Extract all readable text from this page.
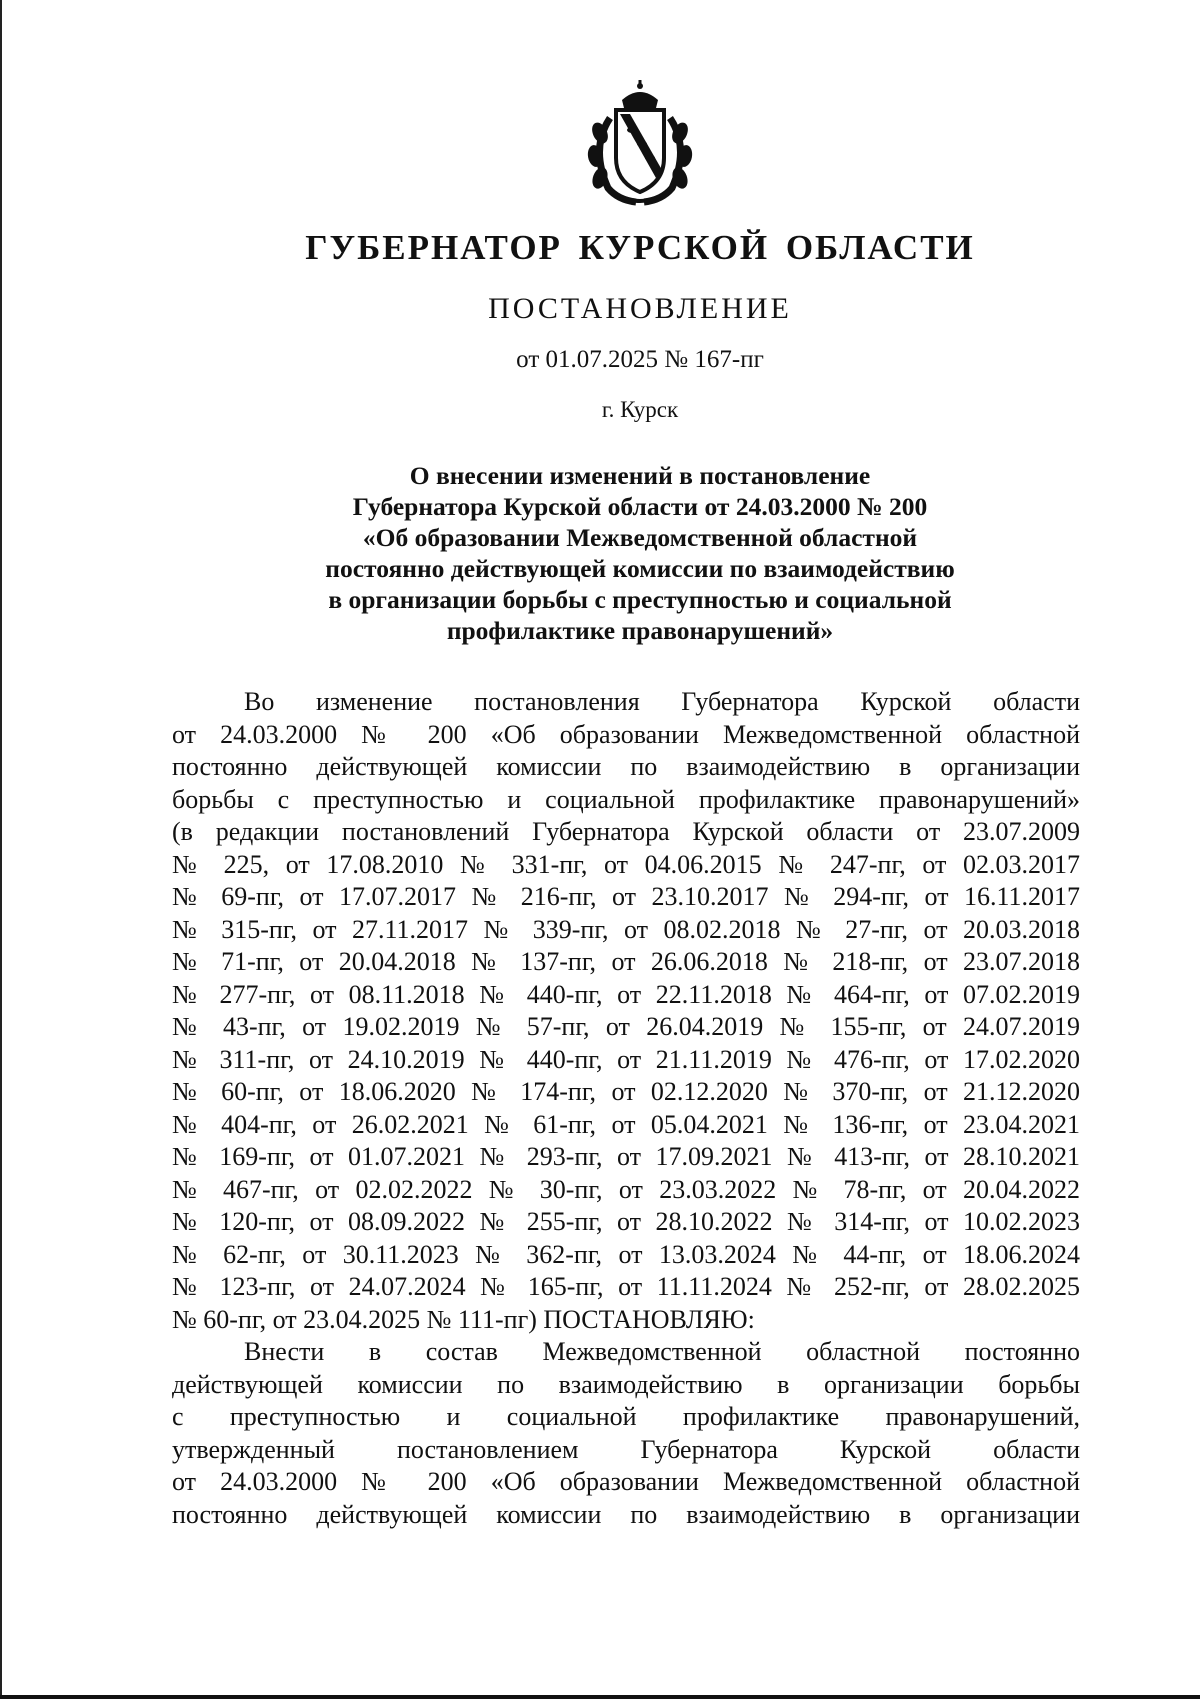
ГУБЕРНАТОР КУРСКОЙ ОБЛАСТИ
ПОСТАНОВЛЕНИЕ
от 01.07.2025 № 167-пг
г. Курск
О внесении изменений в постановление
Губернатора Курской области от 24.03.2000 № 200
«Об образовании Межведомственной областной
постоянно действующей комиссии по взаимодействию
в организации борьбы с преступностью и социальной
профилактике правонарушений»
Во изменение постановления Губернатора Курской области
от 24.03.2000 № 200 «Об образовании Межведомственной областной
постоянно действующей комиссии по взаимодействию в организации
борьбы с преступностью и социальной профилактике правонарушений»
(в редакции постановлений Губернатора Курской области от 23.07.2009
№ 225, от 17.08.2010 № 331-пг, от 04.06.2015 № 247-пг, от 02.03.2017
№ 69-пг, от 17.07.2017 № 216-пг, от 23.10.2017 № 294-пг, от 16.11.2017
№ 315-пг, от 27.11.2017 № 339-пг, от 08.02.2018 № 27-пг, от 20.03.2018
№ 71-пг, от 20.04.2018 № 137-пг, от 26.06.2018 № 218-пг, от 23.07.2018
№ 277-пг, от 08.11.2018 № 440-пг, от 22.11.2018 № 464-пг, от 07.02.2019
№ 43-пг, от 19.02.2019 № 57-пг, от 26.04.2019 № 155-пг, от 24.07.2019
№ 311-пг, от 24.10.2019 № 440-пг, от 21.11.2019 № 476-пг, от 17.02.2020
№ 60-пг, от 18.06.2020 № 174-пг, от 02.12.2020 № 370-пг, от 21.12.2020
№ 404-пг, от 26.02.2021 № 61-пг, от 05.04.2021 № 136-пг, от 23.04.2021
№ 169-пг, от 01.07.2021 № 293-пг, от 17.09.2021 № 413-пг, от 28.10.2021
№ 467-пг, от 02.02.2022 № 30-пг, от 23.03.2022 № 78-пг, от 20.04.2022
№ 120-пг, от 08.09.2022 № 255-пг, от 28.10.2022 № 314-пг, от 10.02.2023
№ 62-пг, от 30.11.2023 № 362-пг, от 13.03.2024 № 44-пг, от 18.06.2024
№ 123-пг, от 24.07.2024 № 165-пг, от 11.11.2024 № 252-пг, от 28.02.2025
№ 60-пг, от 23.04.2025 № 111-пг) ПОСТАНОВЛЯЮ:
Внести в состав Межведомственной областной постоянно
действующей комиссии по взаимодействию в организации борьбы
с преступностью и социальной профилактике правонарушений,
утвержденный постановлением Губернатора Курской области
от 24.03.2000 № 200 «Об образовании Межведомственной областной
постоянно действующей комиссии по взаимодействию в организации
